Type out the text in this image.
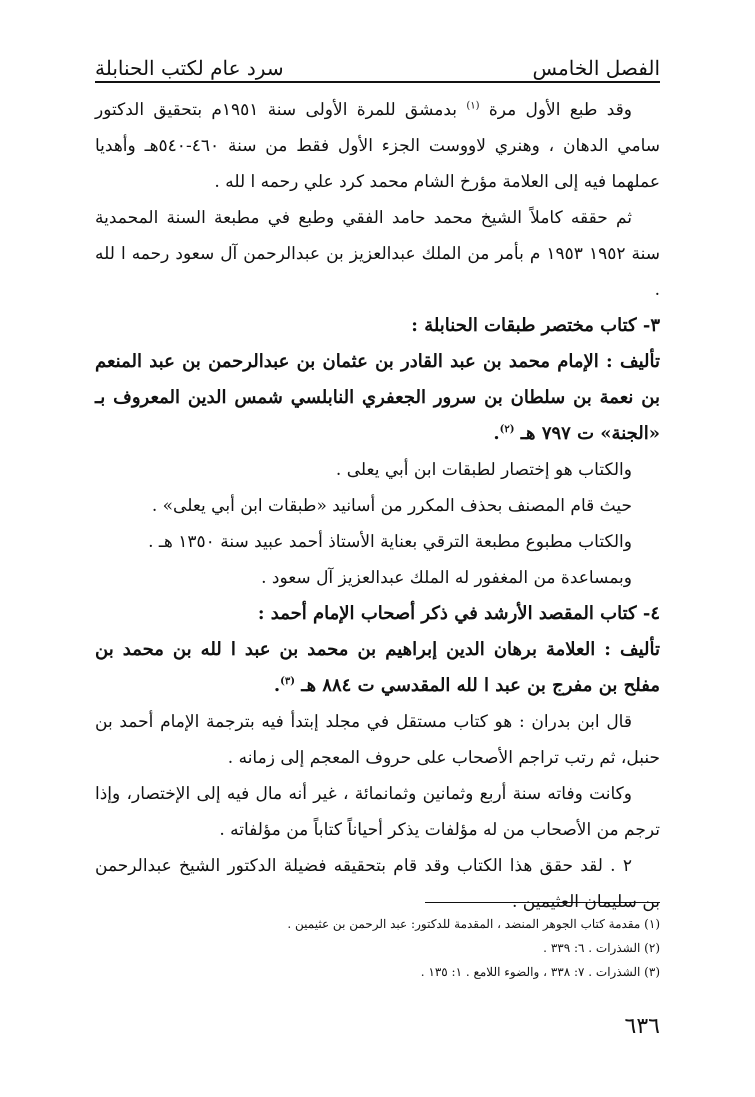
الفصل الخامس
سرد عام لكتب الحنابلة

وقد طبع الأول مرة $^{(١)}$ بدمشق للمرة الأولى سنة ١٩٥١م بتحقيق الدكتور سامي الدهان ، وهنري لاووست الجزء الأول فقط من سنة ٤٦٠-٥٤٠هـ وأهديا عملهما فيه إلى العلامة مؤرخ الشام محمد كرد علي رحمه ا لله .

ثم حققه كاملاً الشيخ محمد حامد الفقي وطبع في مطبعة السنة المحمدية سنة ١٩٥٢ ١٩٥٣ م بأمر من الملك عبدالعزيز بن عبدالرحمن آل سعود رحمه ا لله .

٣- كتاب مختصر طبقات الحنابلة :

تأليف : الإمام محمد بن عبد القادر بن عثمان بن عبدالرحمن بن عبد المنعم بن نعمة بن سلطان بن سرور الجعفري النابلسي شمس الدين المعروف بـ «الجنة» ت ٧٩٧ هـ $^{(٢)}$.

والكتاب هو إختصار لطبقات ابن أبي يعلى .

حيث قام المصنف بحذف المكرر من أسانيد «طبقات ابن أبي يعلى» .

والكتاب مطبوع مطبعة الترقي بعناية الأستاذ أحمد عبيد سنة ١٣٥٠ هـ .

وبمساعدة من المغفور له الملك عبدالعزيز آل سعود .

٤- كتاب المقصد الأرشد في ذكر أصحاب الإمام أحمد :

تأليف : العلامة برهان الدين إبراهيم بن محمد بن عبد ا لله بن محمد بن مفلح بن مفرج بن عبد ا لله المقدسي ت ٨٨٤ هـ $^{(٣)}$.

قال ابن بدران : هو كتاب مستقل في مجلد إبتدأ فيه بترجمة الإمام أحمد بن حنبل، ثم رتب تراجم الأصحاب على حروف المعجم إلى زمانه .

وكانت وفاته سنة أربع وثمانين وثمانمائة ، غير أنه مال فيه إلى الإختصار، وإذا ترجم من الأصحاب من له مؤلفات يذكر أحياناً كتاباً من مؤلفاته .

٢ . لقد حقق هذا الكتاب وقد قام بتحقيقه فضيلة الدكتور الشيخ عبدالرحمن بن سليمان العثيمين .

(١) مقدمة كتاب الجوهر المنضد ، المقدمة للدكتور: عبد الرحمن بن عثيمين .

(٢) الشذرات . ٦: ٣٣٩ .

(٣) الشذرات . ٧: ٣٣٨ ، والضوء اللامع . ١: ١٣٥ .

٦٣٦
